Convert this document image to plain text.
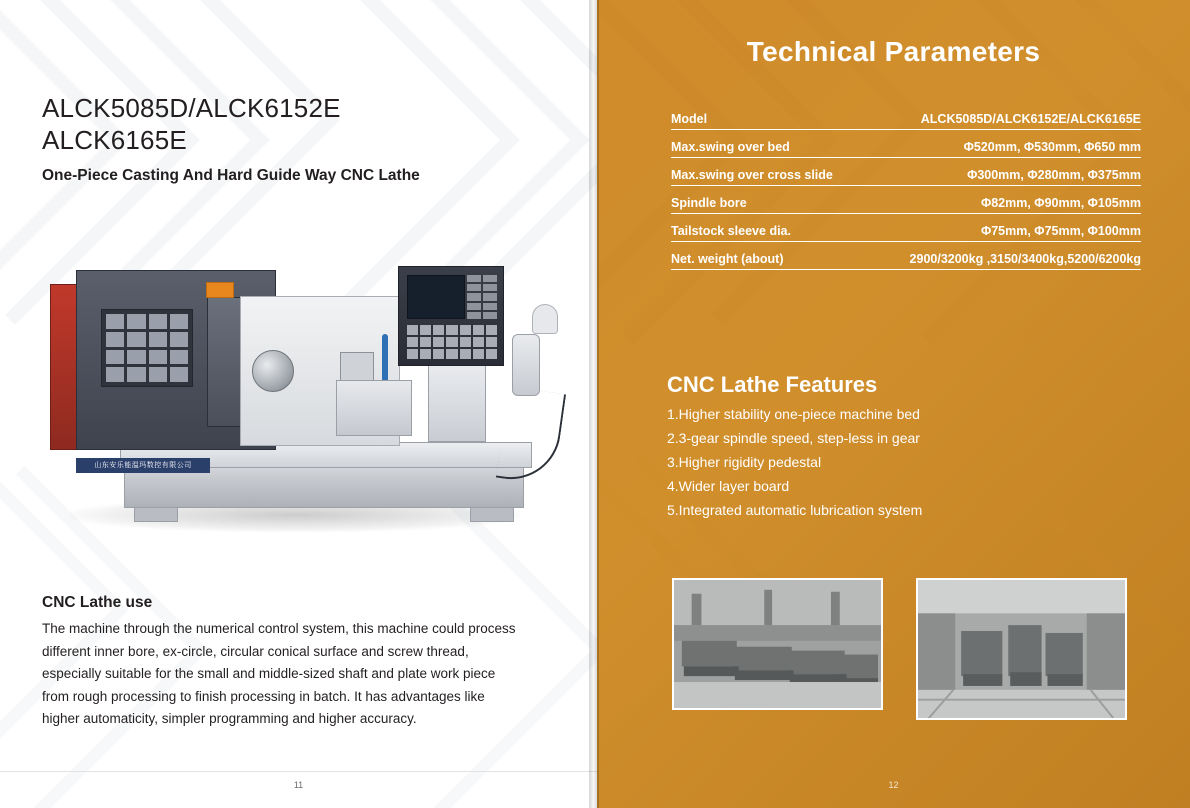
ALCK5085D/ALCK6152E
ALCK6165E
One-Piece Casting And Hard Guide Way CNC Lathe
山东安乐能温玛数控有限公司
CNC Lathe use
The machine through the numerical control system, this machine could process different inner bore, ex-circle, circular conical surface and screw thread, especially suitable for the small and middle-sized shaft and plate work piece from rough processing to finish processing in batch. It has advantages like higher automaticity, simpler programming and higher accuracy.
11
Technical Parameters
Model	ALCK5085D/ALCK6152E/ALCK6165E
Max.swing over bed	Φ520mm, Φ530mm, Φ650 mm
Max.swing over cross slide	Φ300mm, Φ280mm, Φ375mm
Spindle bore	Φ82mm, Φ90mm, Φ105mm
Tailstock sleeve dia.	Φ75mm, Φ75mm, Φ100mm
Net. weight (about)	2900/3200kg ,3150/3400kg,5200/6200kg
CNC Lathe Features
1.Higher stability one-piece machine bed
2.3-gear spindle speed, step-less in gear
3.Higher rigidity pedestal
4.Wider layer board
5.Integrated automatic lubrication system
12
